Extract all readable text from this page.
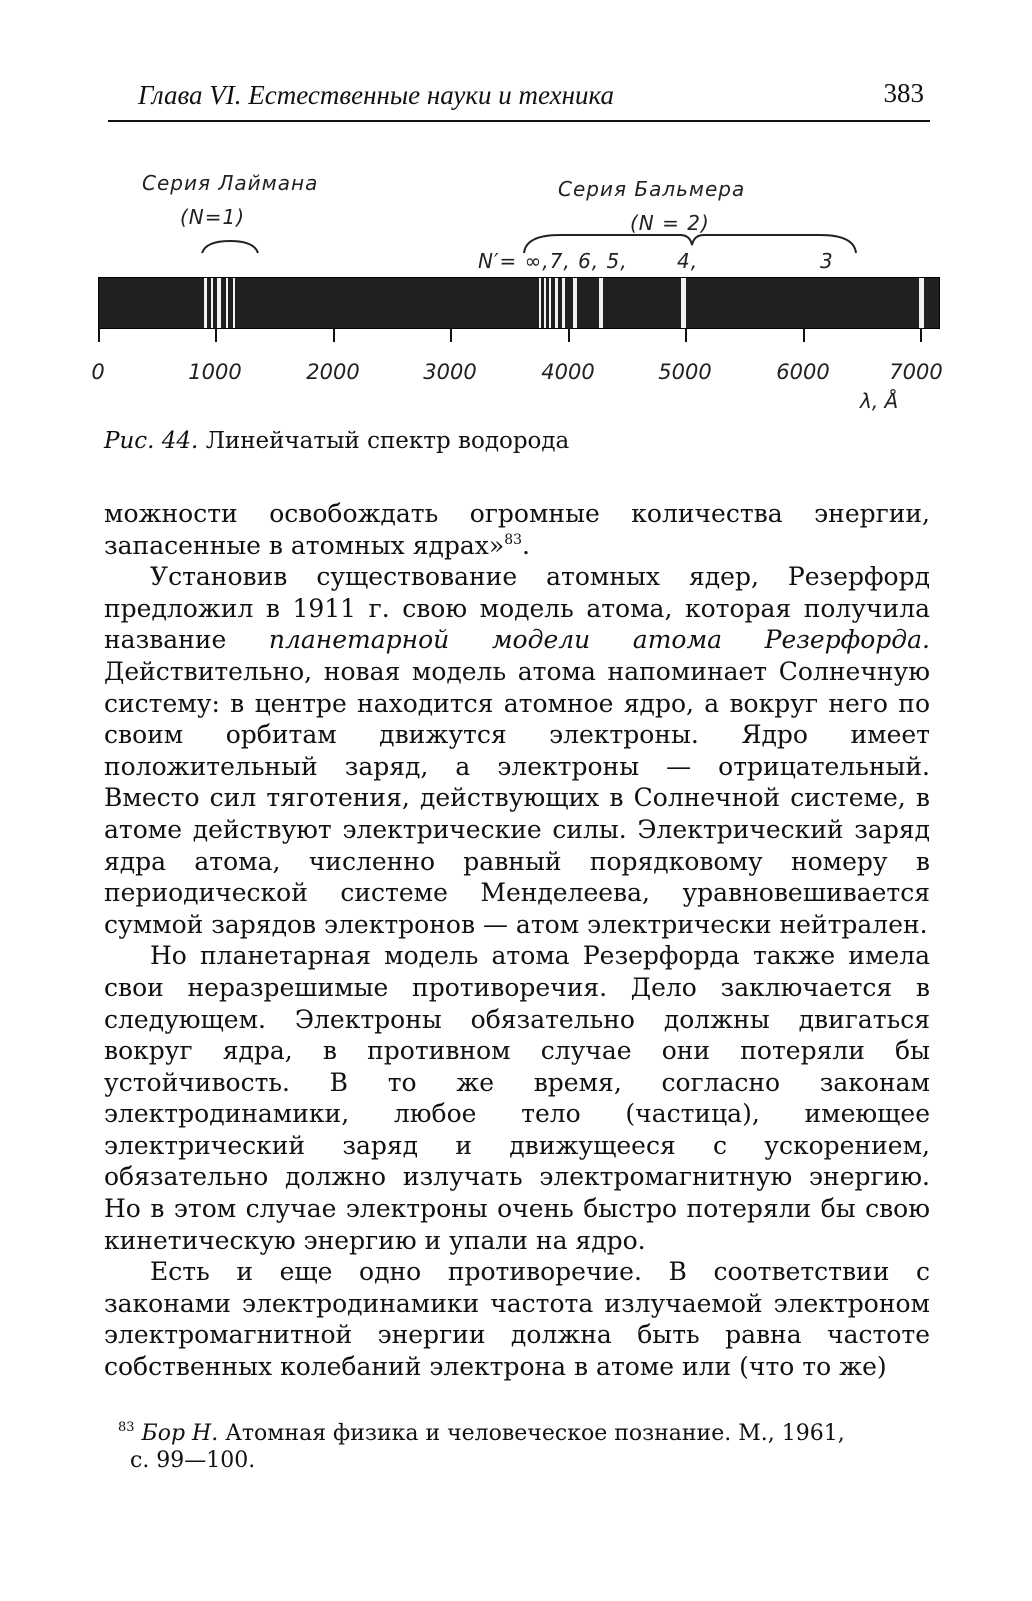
Глава VI. Естественные науки и техника	383
Серия Лаймана
(N=1)
Серия Бальмера
(N = 2)
N′= ∞,7, 6, 5, 4,	3
0	1000	2000	3000	4000	5000	6000	7000
λ, Å
Рис. 44. Линейчатый спектр водорода

можности освобождать огромные количества энергии, запасенные в атомных ядрах»$^{83}$.

Установив существование атомных ядер, Резерфорд предложил в 1911 г. свою модель атома, которая получила название планетарной модели атома Резерфорда. Действительно, новая модель атома напоминает Солнечную систему: в центре находится атомное ядро, а вокруг него по своим орбитам движутся электроны. Ядро имеет положительный заряд, а электроны — отрицательный. Вместо сил тяготения, действующих в Солнечной системе, в атоме действуют электрические силы. Электрический заряд ядра атома, численно равный порядковому номеру в периодической системе Менделеева, уравновешивается суммой зарядов электронов — атом электрически нейтрален.

Но планетарная модель атома Резерфорда также имела свои неразрешимые противоречия. Дело заключается в следующем. Электроны обязательно должны двигаться вокруг ядра, в противном случае они потеряли бы устойчивость. В то же время, согласно законам электродинамики, любое тело (частица), имеющее электрический заряд и движущееся с ускорением, обязательно должно излучать электромагнитную энергию. Но в этом случае электроны очень быстро потеряли бы свою кинетическую энергию и упали на ядро.

Есть и еще одно противоречие. В соответствии с законами электродинамики частота излучаемой электроном электромагнитной энергии должна быть равна частоте собственных колебаний электрона в атоме или (что то же)

$^{83}$ Бор Н. Атомная физика и человеческое познание. М., 1961,
с. 99—100.
